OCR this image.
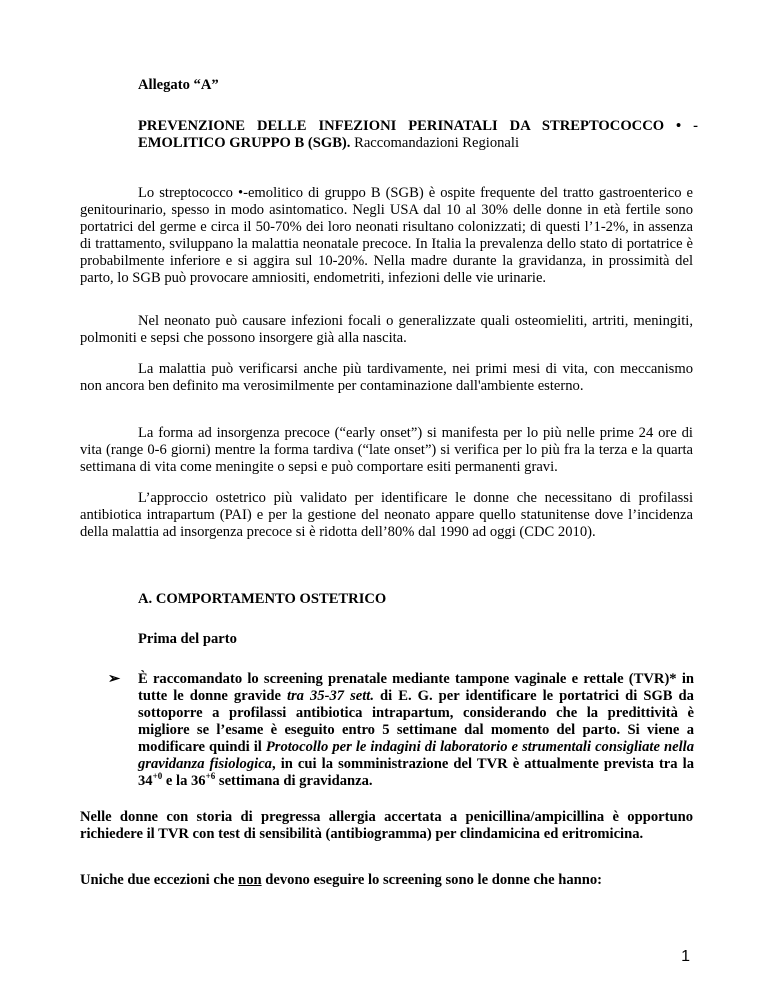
Allegato “A”

PREVENZIONE DELLE INFEZIONI PERINATALI DA STREPTOCOCCO • - EMOLITICO GRUPPO B (SGB). Raccomandazioni Regionali

Lo streptococco •-emolitico di gruppo B (SGB) è ospite frequente del tratto gastroenterico e genitourinario, spesso in modo asintomatico. Negli USA dal 10 al 30% delle donne in età fertile sono portatrici del germe e circa il 50-70% dei loro neonati risultano colonizzati; di questi l’1-2%, in assenza di trattamento, sviluppano la malattia neonatale precoce. In Italia la prevalenza dello stato di portatrice è probabilmente inferiore e si aggira sul 10-20%. Nella madre durante la gravidanza, in prossimità del parto, lo SGB può provocare amniositi, endometriti, infezioni delle vie urinarie.

Nel neonato può causare infezioni focali o generalizzate quali osteomieliti, artriti, meningiti, polmoniti e sepsi che possono insorgere già alla nascita.

La malattia può verificarsi anche più tardivamente, nei primi mesi di vita, con meccanismo non ancora ben definito ma verosimilmente per contaminazione dall'ambiente esterno.

La forma ad insorgenza precoce (“early onset”) si manifesta per lo più nelle prime 24 ore di vita (range 0-6 giorni) mentre la forma tardiva (“late onset”) si verifica per lo più fra la terza e la quarta settimana di vita come meningite o sepsi e può comportare esiti permanenti gravi.

L’approccio ostetrico più validato per identificare le donne che necessitano di profilassi antibiotica intrapartum (PAI) e per la gestione del neonato appare quello statunitense dove l’incidenza della malattia ad insorgenza precoce si è ridotta dell’80% dal 1990 ad oggi (CDC 2010).

A. COMPORTAMENTO OSTETRICO

Prima del parto

➢ È raccomandato lo screening prenatale mediante tampone vaginale e rettale (TVR)* in tutte le donne gravide tra 35-37 sett. di E. G. per identificare le portatrici di SGB da sottoporre a profilassi antibiotica intrapartum, considerando che la predittività è migliore se l’esame è eseguito entro 5 settimane dal momento del parto. Si viene a modificare quindi il Protocollo per le indagini di laboratorio e strumentali consigliate nella gravidanza fisiologica, in cui la somministrazione del TVR è attualmente prevista tra la $34^{+0}$ e la $36^{+6}$ settimana di gravidanza.

Nelle donne con storia di pregressa allergia accertata a penicillina/ampicillina è opportuno richiedere il TVR con test di sensibilità (antibiogramma) per clindamicina ed eritromicina.

Uniche due eccezioni che non devono eseguire lo screening sono le donne che hanno:

1
